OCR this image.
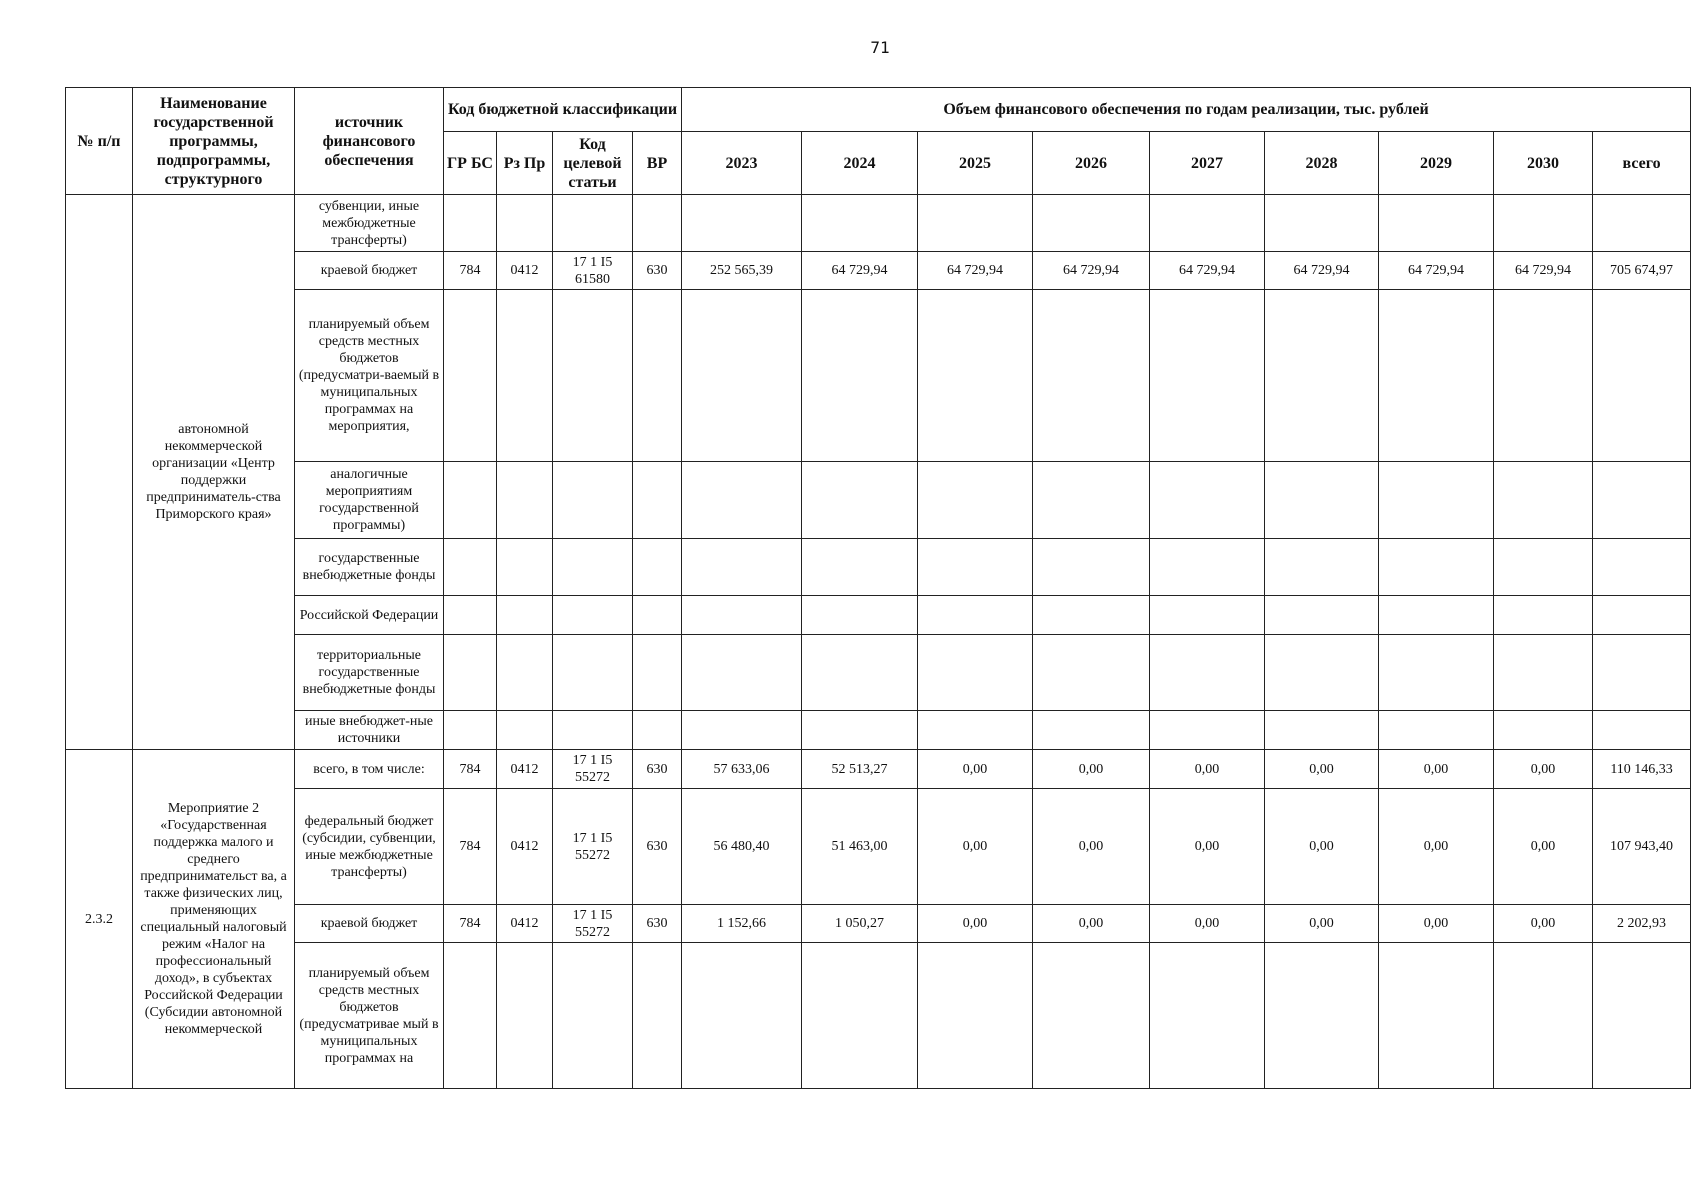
71
№ п/п	Наименование государственной программы, подпрограммы, структурного	источник финансового обеспечения	Код бюджетной классификации				Объем финансового обеспечения по годам реализации, тыс. рублей								
			ГР БС	Рз Пр	Код целевой статьи	ВР	2023	2024	2025	2026	2027	2028	2029	2030	всего
	автономной некоммерческой организации «Центр поддержки предприниматель-ства Приморского края»	субвенции, иные межбюджетные трансферты)													
		краевой бюджет	784	0412	17 1 I5 61580	630	252 565,39	64 729,94	64 729,94	64 729,94	64 729,94	64 729,94	64 729,94	64 729,94	705 674,97
		планируемый объем средств местных бюджетов (предусматри-ваемый в муниципальных программах на мероприятия,													
		аналогичные мероприятиям государственной программы)													
		государственные внебюджетные фонды													
		Российской Федерации													
		территориальные государственные внебюджетные фонды													
		иные внебюджет-ные источники													
2.3.2	Мероприятие 2 «Государственная поддержка малого и среднего предпринимательст ва, а также физических лиц, применяющих специальный налоговый режим «Налог на профессиональный доход», в субъектах Российской Федерации (Субсидии автономной некоммерческой	всего, в том числе:	784	0412	17 1 I5 55272	630	57 633,06	52 513,27	0,00	0,00	0,00	0,00	0,00	0,00	110 146,33
		федеральный бюджет (субсидии, субвенции, иные межбюджетные трансферты)	784	0412	17 1 I5 55272	630	56 480,40	51 463,00	0,00	0,00	0,00	0,00	0,00	0,00	107 943,40
		краевой бюджет	784	0412	17 1 I5 55272	630	1 152,66	1 050,27	0,00	0,00	0,00	0,00	0,00	0,00	2 202,93
		планируемый объем средств местных бюджетов (предусматривае мый в муниципальных программах на													
